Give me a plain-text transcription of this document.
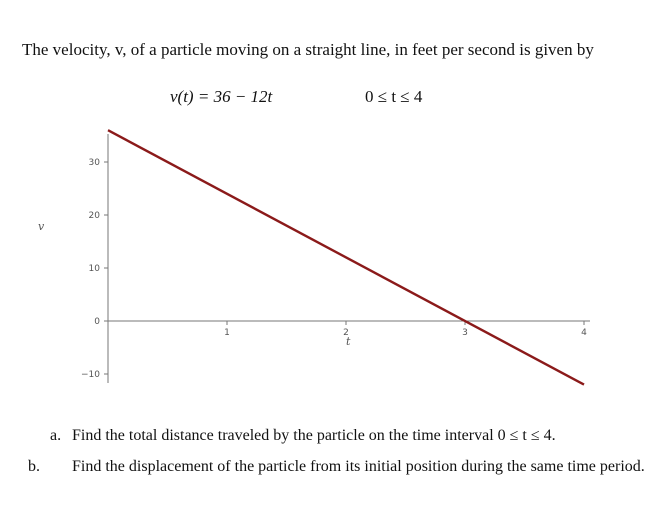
The velocity, v, of a particle moving on a straight line, in feet per second is given by
v(t) = 36 − 12t	0 ≤ t ≤ 4
30
20
10
0
−10
1	2	3	4
v
t
a. Find the total distance traveled by the particle on the time interval 0 ≤ t ≤ 4.
b. Find the displacement of the particle from its initial position during the same time period.
